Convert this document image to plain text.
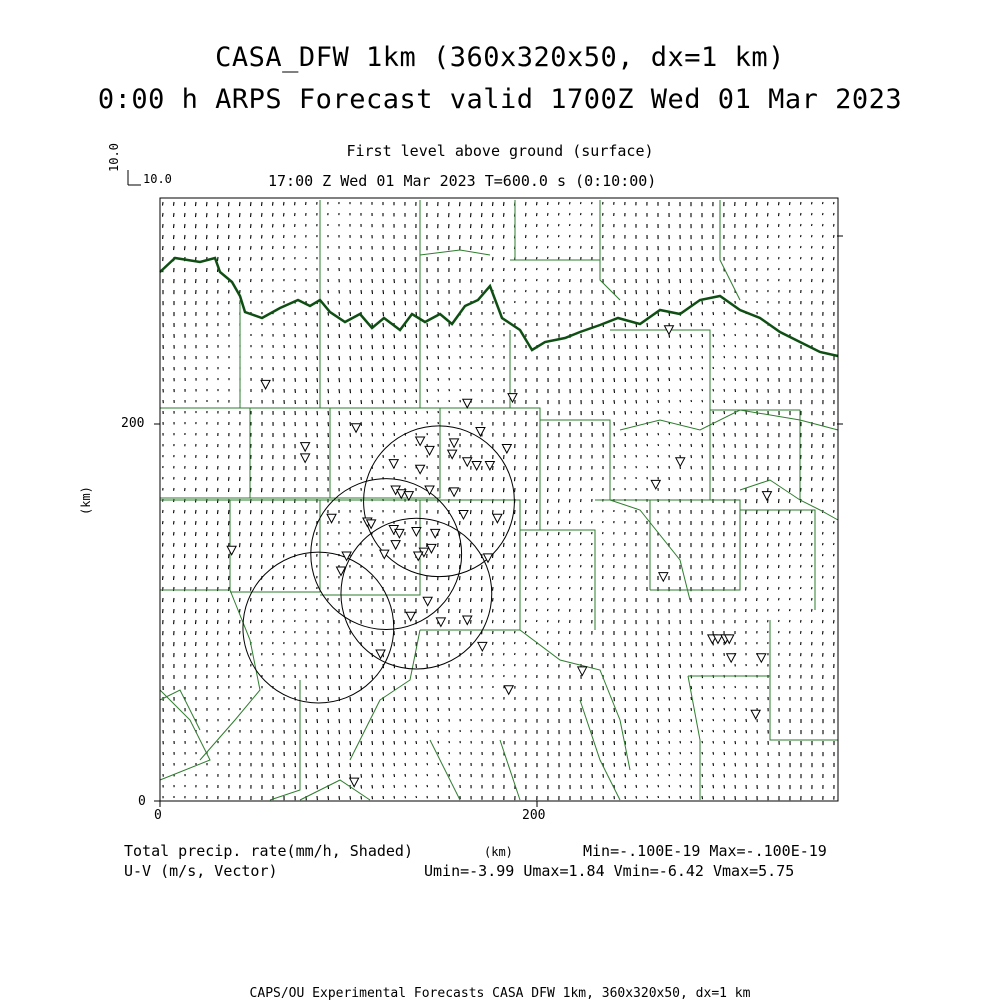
CASA_DFW 1km (360x320x50, dx=1 km)
0:00 h ARPS Forecast valid 1700Z Wed 01 Mar 2023
First level above ground (surface)
17:00 Z Wed 01 Mar 2023 T=600.0 s (0:10:00)
10.0
10.0
0	200
0
200
(km)
(km)
Total precip. rate(mm/h, Shaded)
U-V (m/s, Vector)
Min=-.100E-19 Max=-.100E-19
Umin=-3.99 Umax=1.84 Vmin=-6.42 Vmax=5.75
CAPS/OU Experimental Forecasts CASA DFW 1km, 360x320x50, dx=1 km
